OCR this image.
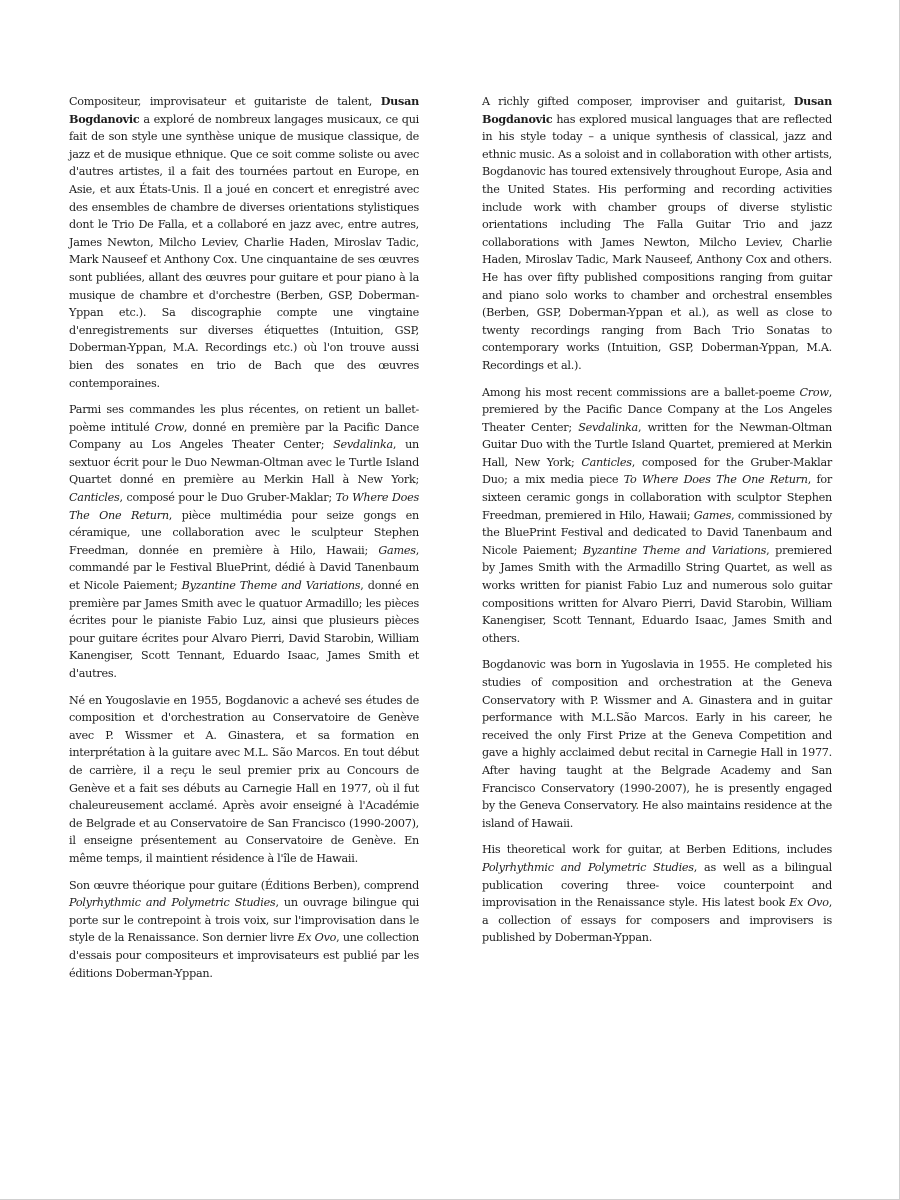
Compositeur, improvisateur et guitariste de talent, Dusan Bogdanovic a exploré de nombreux langages musicaux, ce qui fait de son style une synthèse unique de musique classique, de jazz et de musique ethnique. Que ce soit comme soliste ou avec d'autres artistes, il a fait des tournées partout en Europe, en Asie, et aux États-Unis. Il a joué en concert et enregistré avec des ensembles de chambre de diverses orientations stylistiques dont le Trio De Falla, et a collaboré en jazz avec, entre autres, James Newton, Milcho Leviev, Charlie Haden, Miroslav Tadic, Mark Nauseef et Anthony Cox. Une cinquantaine de ses œuvres sont publiées, allant des œuvres pour guitare et pour piano à la musique de chambre et d'orchestre (Berben, GSP, Doberman-Yppan etc.). Sa discographie compte une vingtaine d'enregistrements sur diverses étiquettes (Intuition, GSP, Doberman-Yppan, M.A. Recordings etc.) où l'on trouve aussi bien des sonates en trio de Bach que des œuvres contemporaines.

Parmi ses commandes les plus récentes, on retient un ballet-poème intitulé Crow, donné en première par la Pacific Dance Company au Los Angeles Theater Center; Sevdalinka, un sextuor écrit pour le Duo Newman-Oltman avec le Turtle Island Quartet donné en première au Merkin Hall à New York; Canticles, composé pour le Duo Gruber-Maklar; To Where Does The One Return, pièce multimédia pour seize gongs en céramique, une collaboration avec le sculpteur Stephen Freedman, donnée en première à Hilo, Hawaii; Games, commandé par le Festival BluePrint, dédié à David Tanenbaum et Nicole Paiement; Byzantine Theme and Variations, donné en première par James Smith avec le quatuor Armadillo; les pièces écrites pour le pianiste Fabio Luz, ainsi que plusieurs pièces pour guitare écrites pour Alvaro Pierri, David Starobin, William Kanengiser, Scott Tennant, Eduardo Isaac, James Smith et d'autres.

Né en Yougoslavie en 1955, Bogdanovic a achevé ses études de composition et d'orchestration au Conservatoire de Genève avec P. Wissmer et A. Ginastera, et sa formation en interprétation à la guitare avec M.L. São Marcos. En tout début de carrière, il a reçu le seul premier prix au Concours de Genève et a fait ses débuts au Carnegie Hall en 1977, où il fut chaleureusement acclamé. Après avoir enseigné à l'Académie de Belgrade et au Conservatoire de San Francisco (1990-2007), il enseigne présentement au Conservatoire de Genève. En même temps, il maintient résidence à l'île de Hawaii.

Son œuvre théorique pour guitare (Éditions Berben), comprend Polyrhythmic and Polymetric Studies, un ouvrage bilingue qui porte sur le contrepoint à trois voix, sur l'improvisation dans le style de la Renaissance. Son dernier livre Ex Ovo, une collection d'essais pour compositeurs et improvisateurs est publié par les éditions Doberman-Yppan.

A richly gifted composer, improviser and guitarist, Dusan Bogdanovic has explored musical languages that are reflected in his style today – a unique synthesis of classical, jazz and ethnic music. As a soloist and in collaboration with other artists, Bogdanovic has toured extensively throughout Europe, Asia and the United States. His performing and recording activities include work with chamber groups of diverse stylistic orientations including The Falla Guitar Trio and jazz collaborations with James Newton, Milcho Leviev, Charlie Haden, Miroslav Tadic, Mark Nauseef, Anthony Cox and others. He has over fifty published compositions ranging from guitar and piano solo works to chamber and orchestral ensembles (Berben, GSP, Doberman-Yppan et al.), as well as close to twenty recordings ranging from Bach Trio Sonatas to contemporary works (Intuition, GSP, Doberman-Yppan, M.A. Recordings et al.).

Among his most recent commissions are a ballet-poeme Crow, premiered by the Pacific Dance Company at the Los Angeles Theater Center; Sevdalinka, written for the Newman-Oltman Guitar Duo with the Turtle Island Quartet, premiered at Merkin Hall, New York; Canticles, composed for the Gruber-Maklar Duo; a mix media piece To Where Does The One Return, for sixteen ceramic gongs in collaboration with sculptor Stephen Freedman, premiered in Hilo, Hawaii; Games, commissioned by the BluePrint Festival and dedicated to David Tanenbaum and Nicole Paiement; Byzantine Theme and Variations, premiered by James Smith with the Armadillo String Quartet, as well as works written for pianist Fabio Luz and numerous solo guitar compositions written for Alvaro Pierri, David Starobin, William Kanengiser, Scott Tennant, Eduardo Isaac, James Smith and others.

Bogdanovic was born in Yugoslavia in 1955. He completed his studies of composition and orchestration at the Geneva Conservatory with P. Wissmer and A. Ginastera and in guitar performance with M.L.São Marcos. Early in his career, he received the only First Prize at the Geneva Competition and gave a highly acclaimed debut recital in Carnegie Hall in 1977. After having taught at the Belgrade Academy and San Francisco Conservatory (1990-2007), he is presently engaged by the Geneva Conservatory. He also maintains residence at the island of Hawaii.

His theoretical work for guitar, at Berben Editions, includes Polyrhythmic and Polymetric Studies, as well as a bilingual publication covering three- voice counterpoint and improvisation in the Renaissance style. His latest book Ex Ovo, a collection of essays for composers and improvisers is published by Doberman-Yppan.
